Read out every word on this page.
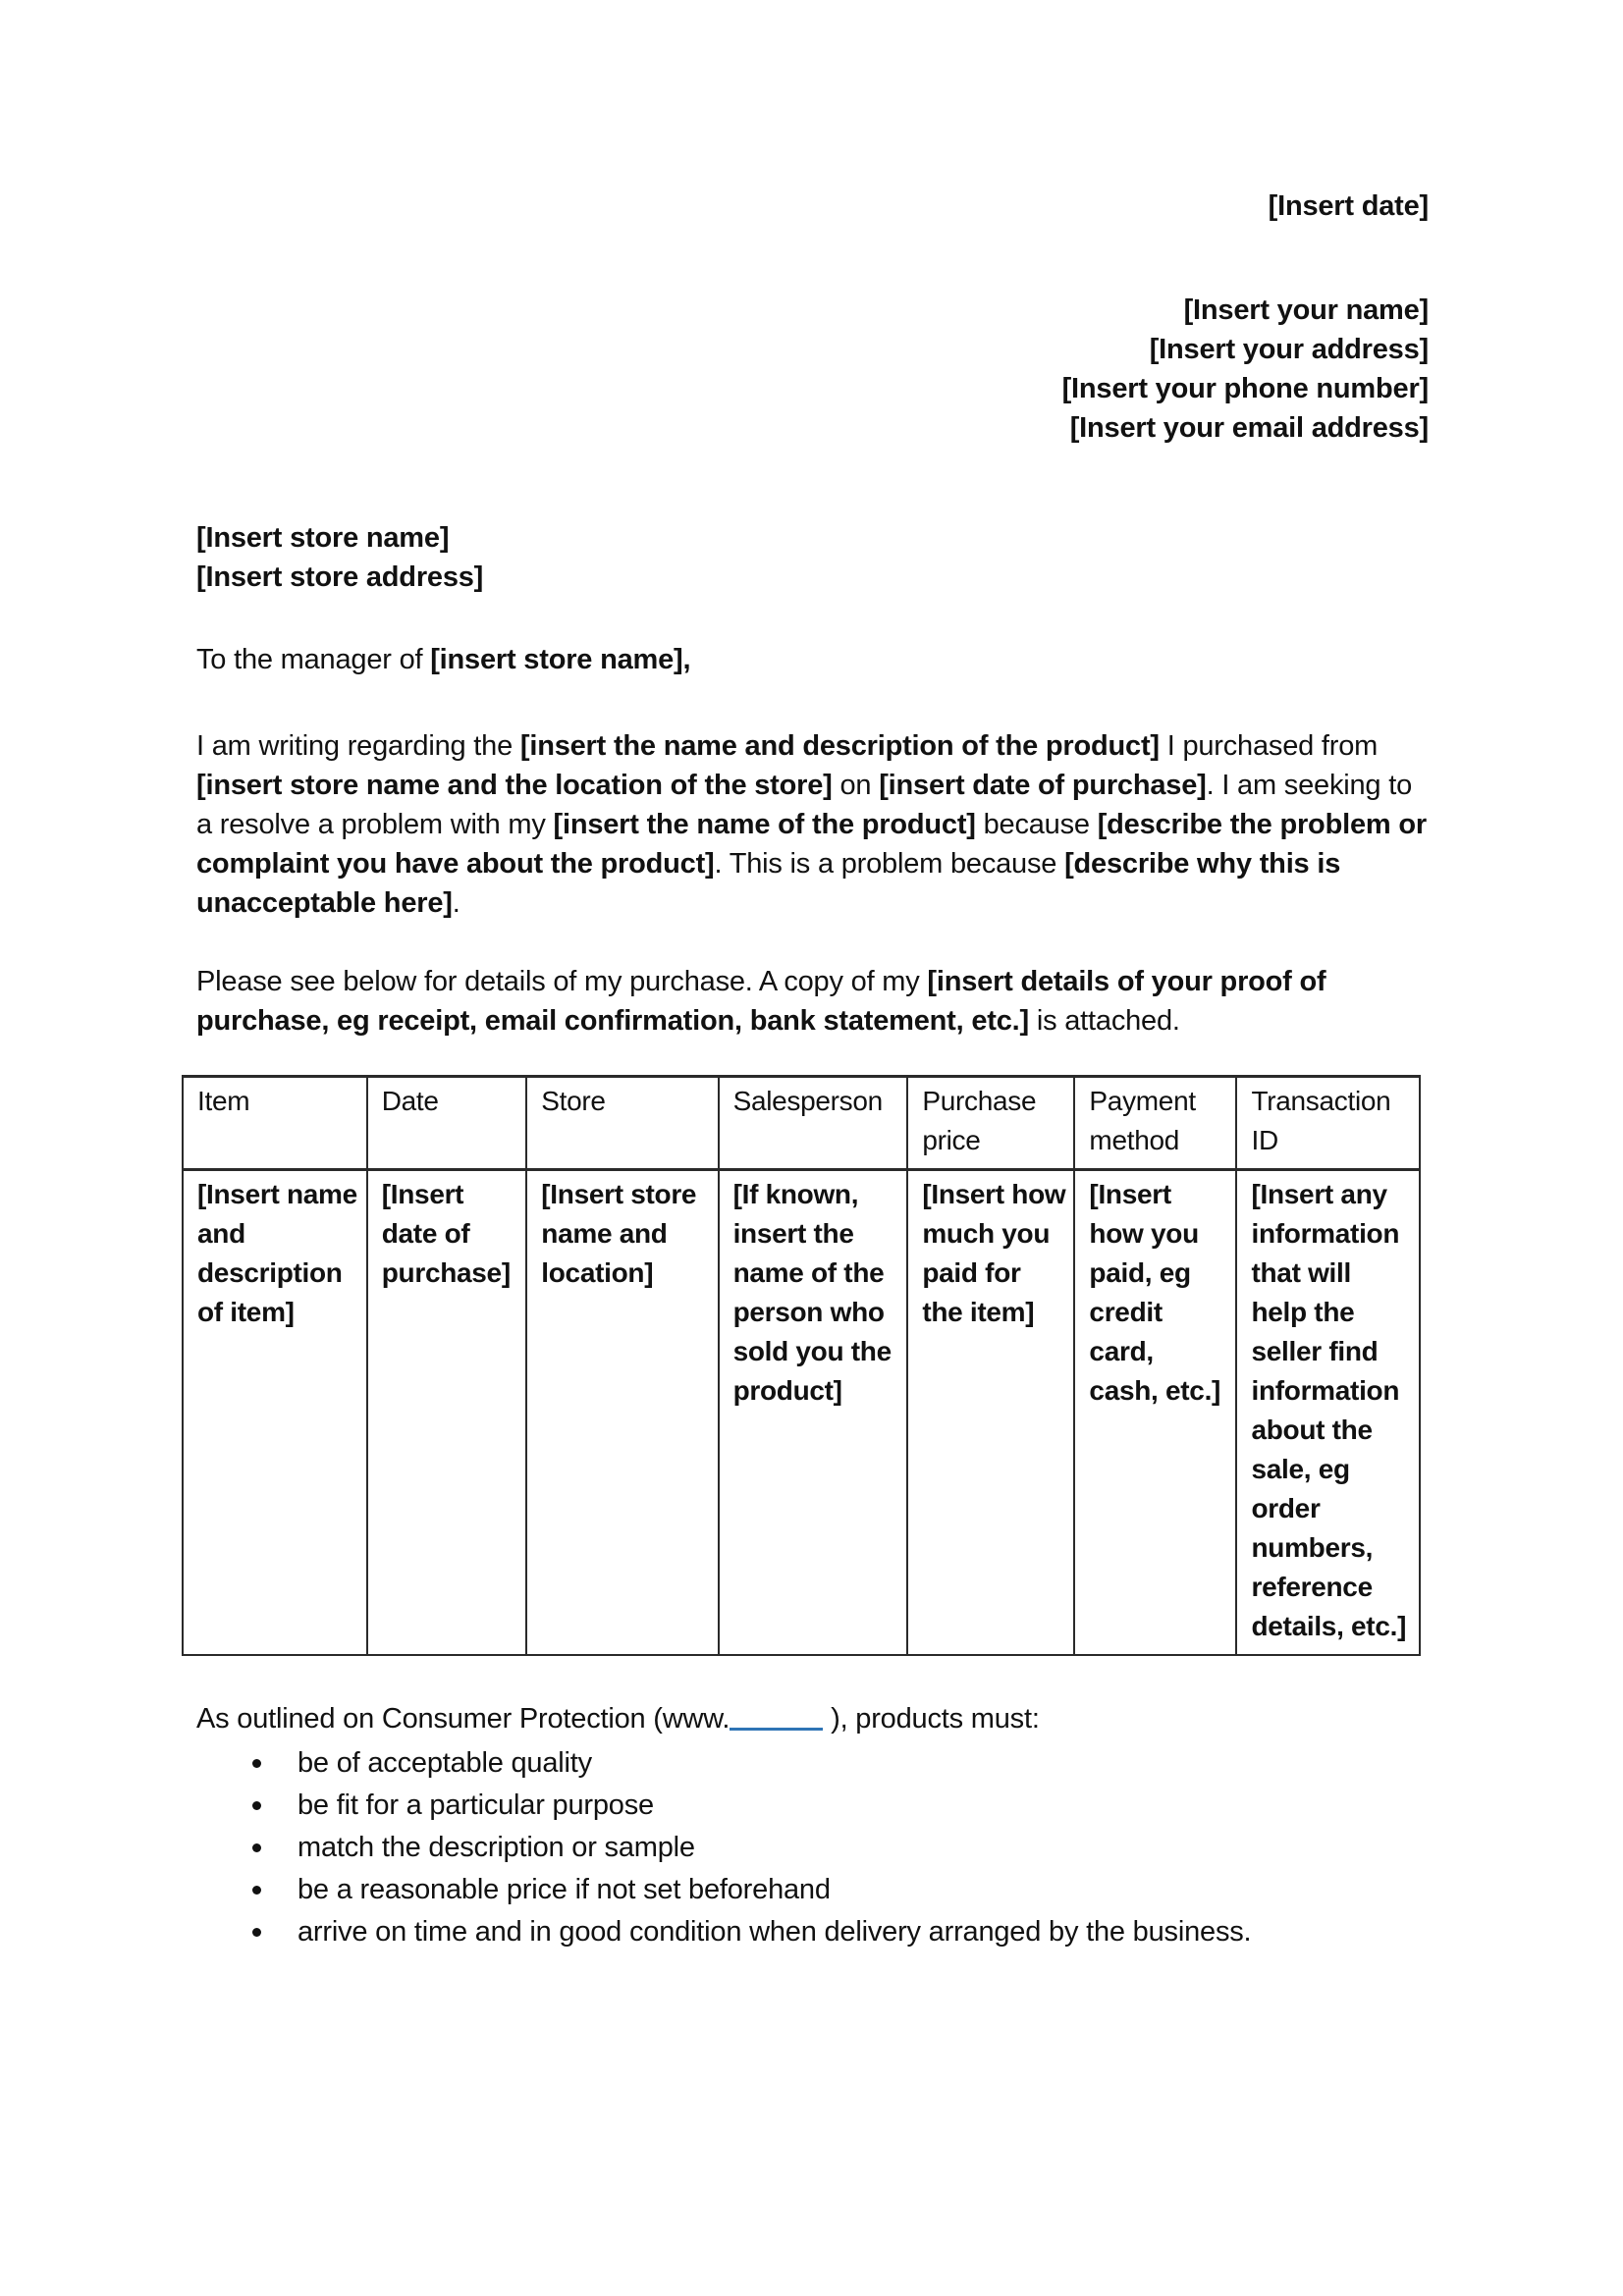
[Insert date]

[Insert your name]

[Insert your address]

[Insert your phone number]

[Insert your email address]

[Insert store name]

[Insert store address]

To the manager of [insert store name],

I am writing regarding the [insert the name and description of the product] I purchased from [insert store name and the location of the store] on [insert date of purchase]. I am seeking to a resolve a problem with my [insert the name of the product] because [describe the problem or complaint you have about the product]. This is a problem because [describe why this is unacceptable here].

Please see below for details of my purchase. A copy of my [insert details of your proof of purchase, eg receipt, email confirmation, bank statement, etc.] is attached.

Item	Date	Store	Salesperson	Purchase price	Payment method	Transaction ID
[Insert name and description of item]	[Insert date of purchase]	[Insert store name and location]	[If known, insert the name of the person who sold you the product]	[Insert how much you paid for the item]	[Insert how you paid, eg credit card, cash, etc.]	[Insert any information that will help the seller find information about the sale, eg order numbers, reference details, etc.]

As outlined on Consumer Protection (www.	), products must:

be of acceptable quality
be fit for a particular purpose
match the description or sample
be a reasonable price if not set beforehand
arrive on time and in good condition when delivery arranged by the business.
